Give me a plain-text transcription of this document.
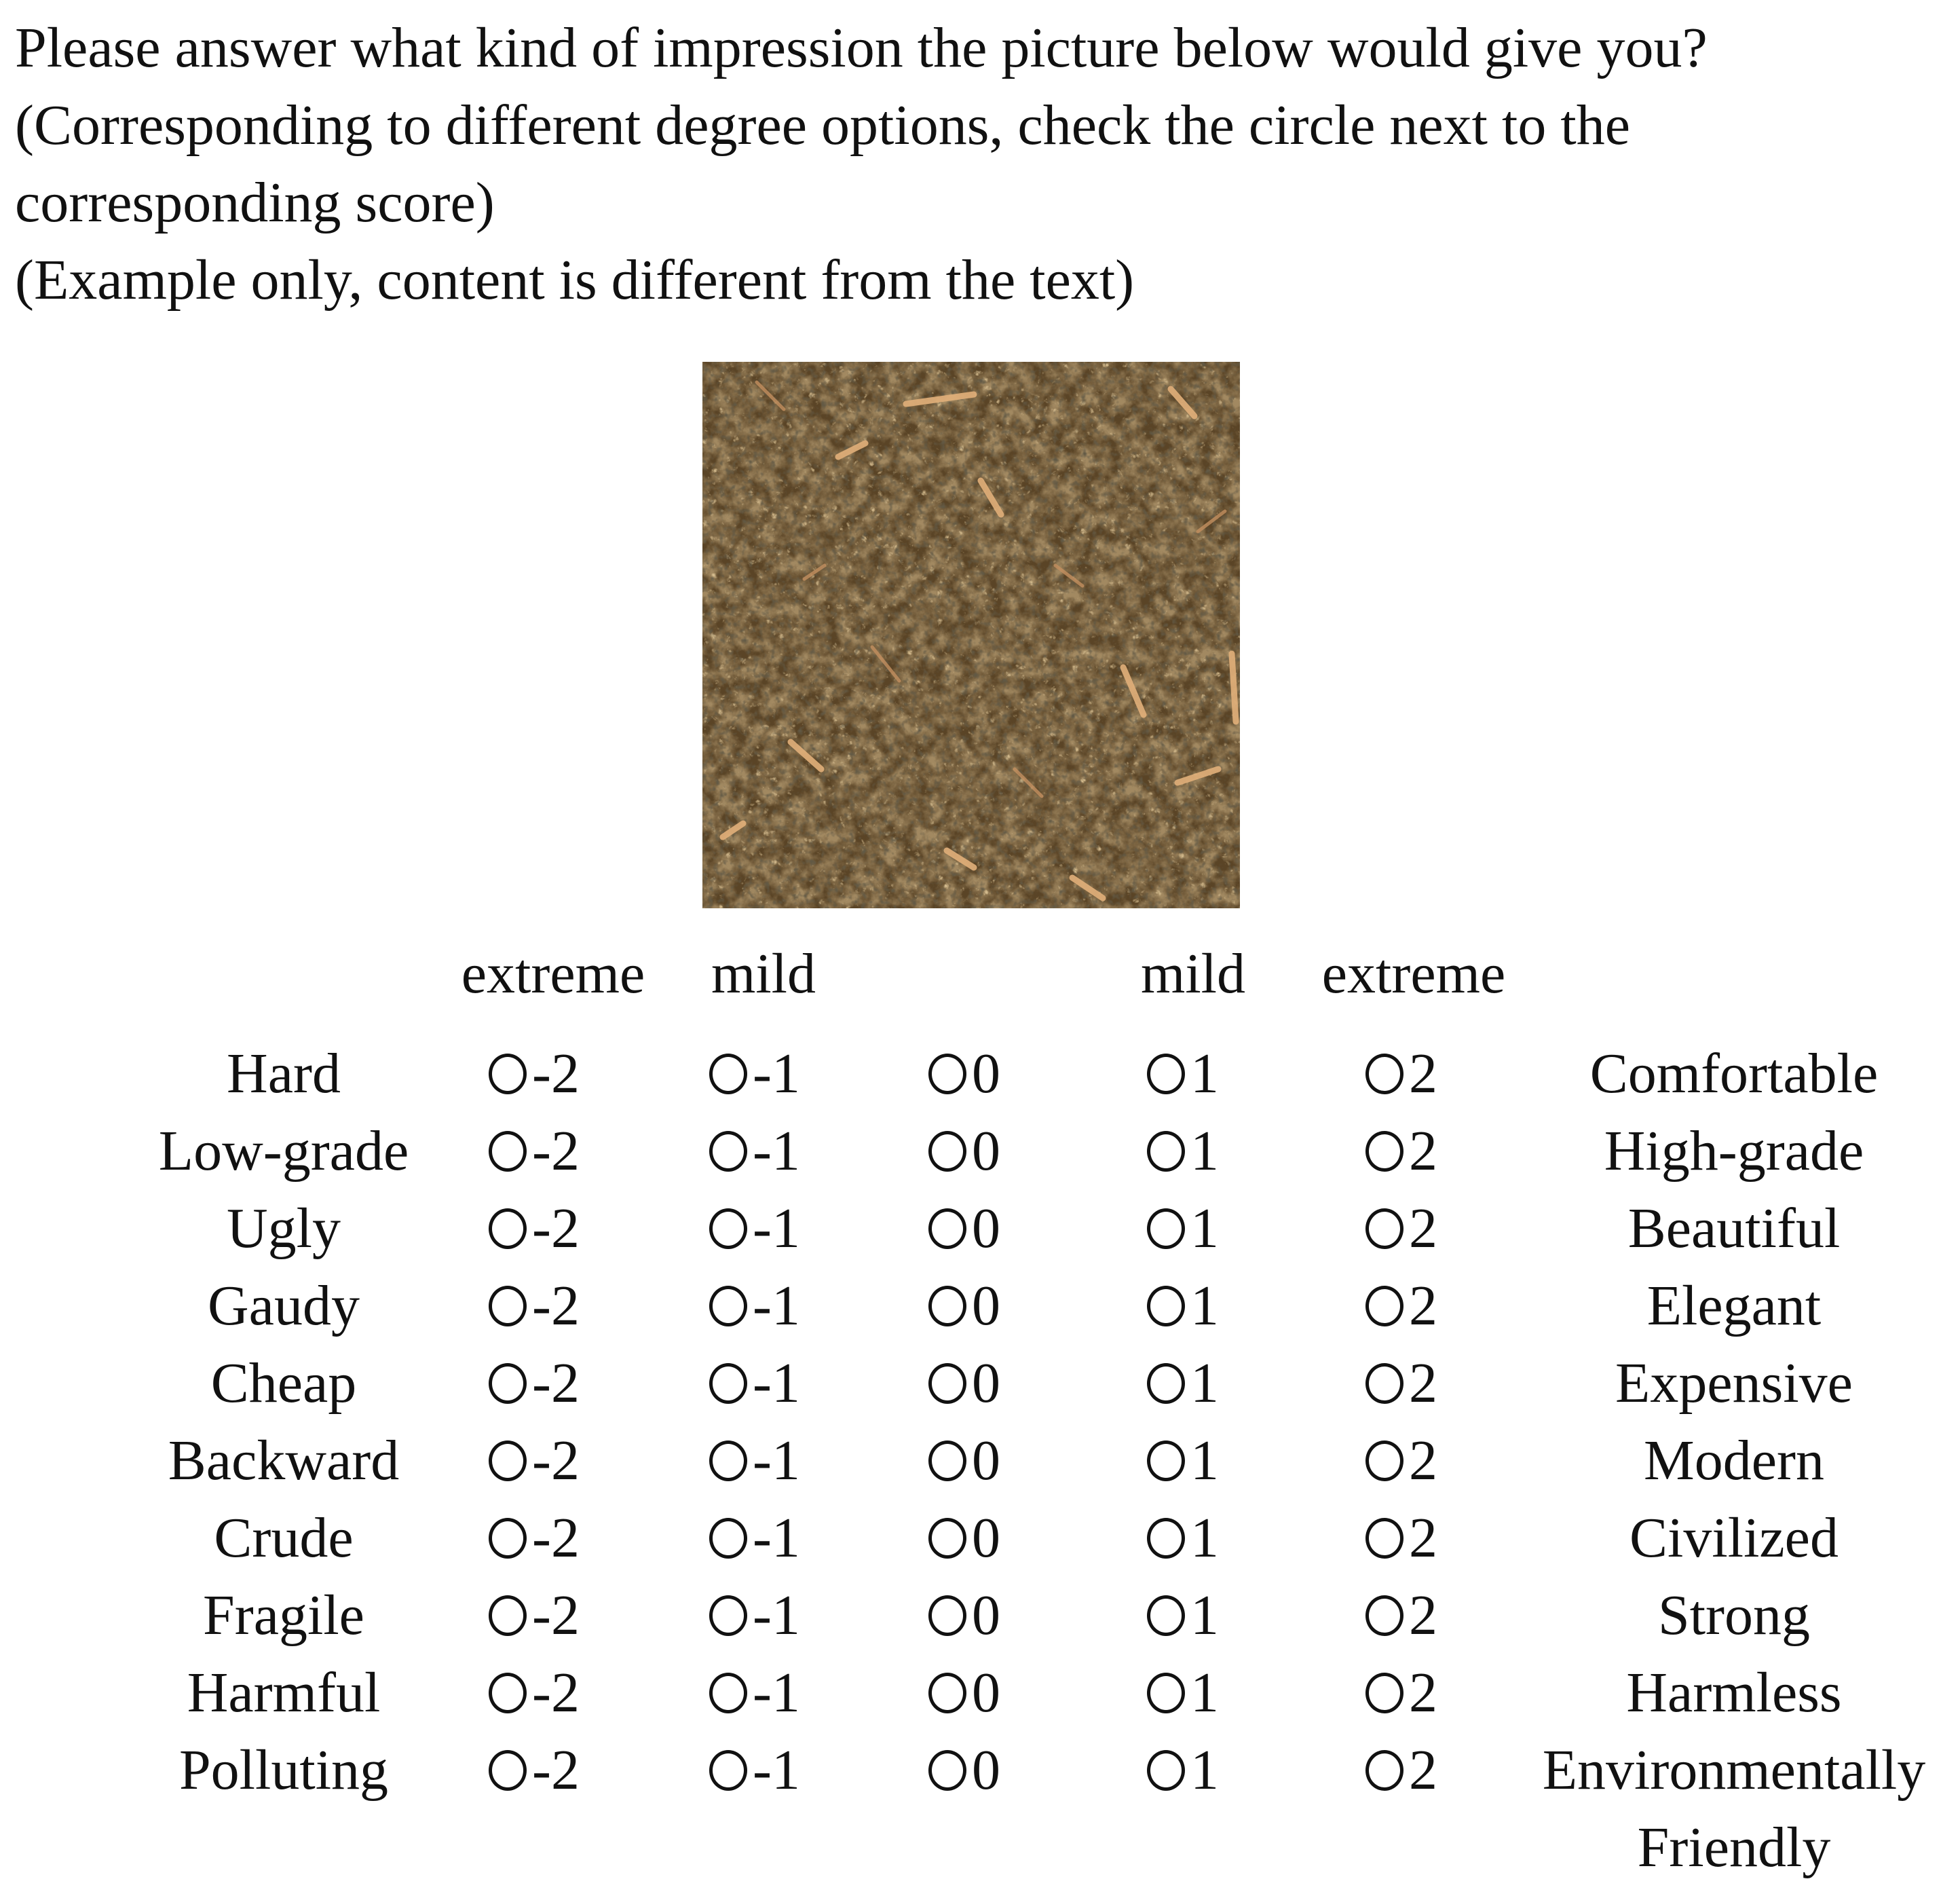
Please answer what kind of impression the picture below would give you?
(Corresponding to different degree options, check the circle next to the
corresponding score)
(Example only, content is different from the text)
extreme mild	mild extreme
Hard	-2	-1	0	1	2	Comfortable
Low-grade -2	-1	0	1	2	High-grade
Ugly	-2	-1	0	1	2	Beautiful
Gaudy	-2	-1	0	1	2	Elegant
Cheap	-2	-1	0	1	2	Expensive
Backward -2	-1	0	1	2	Modern
Crude	-2	-1	0	1	2	Civilized
Fragile	-2	-1	0	1	2	Strong
Harmful	-2	-1	0	1	2	Harmless
Polluting	-2	-1	0	1	2 Environmentally
Friendly
